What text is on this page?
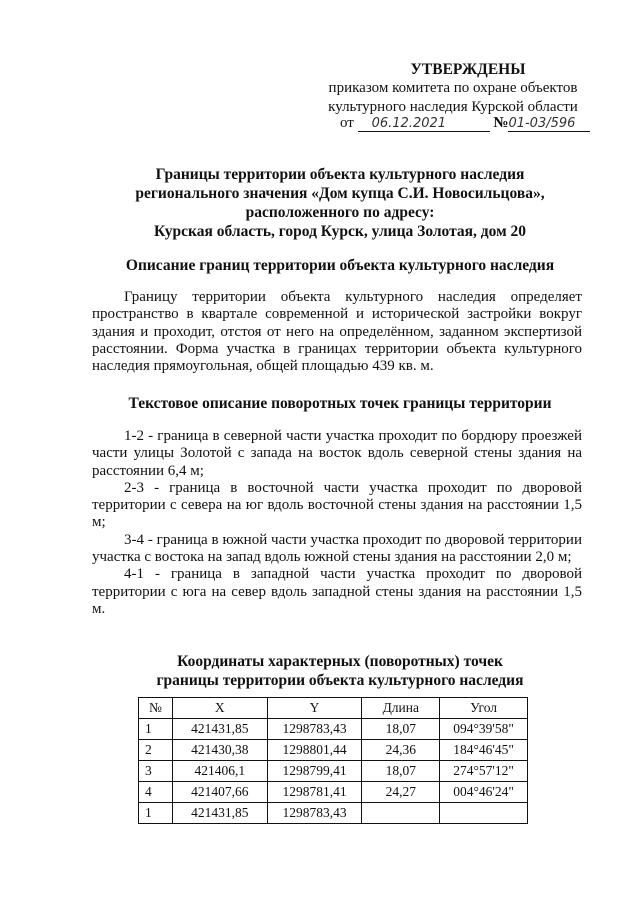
УТВЕРЖДЕНЫ
приказом комитета по охране объектов
культурного наследия Курской области
от 06.12.2021	№01-03/596
Границы территории объекта культурного наследия
регионального значения «Дом купца С.И. Новосильцова»,
расположенного по адресу:
Курская область, город Курск, улица Золотая, дом 20
Описание границ территории объекта культурного наследия

Границу территории объекта культурного наследия определяет пространство в квартале современной и исторической застройки вокруг здания и проходит, отстоя от него на определённом, заданном экспертизой расстоянии. Форма участка в границах территории объекта культурного наследия прямоугольная, общей площадью 439 кв. м.

Текстовое описание поворотных точек границы территории

1-2 - граница в северной части участка проходит по бордюру проезжей части улицы Золотой с запада на восток вдоль северной стены здания на расстоянии 6,4 м;

2-3 - граница в восточной части участка проходит по дворовой территории с севера на юг вдоль восточной стены здания на расстоянии 1,5 м;

3-4 - граница в южной части участка проходит по дворовой территории участка с востока на запад вдоль южной стены здания на расстоянии 2,0 м;

4-1 - граница в западной части участка проходит по дворовой территории с юга на север вдоль западной стены здания на расстоянии 1,5 м.

Координаты характерных (поворотных) точек
границы территории объекта культурного наследия
№	X	Y	Длина	Угол
1	421431,85	1298783,43	18,07	094°39'58"
2	421430,38	1298801,44	24,36	184°46'45"
3	421406,1	1298799,41	18,07	274°57'12"
4	421407,66	1298781,41	24,27	004°46'24"
1	421431,85	1298783,43		
